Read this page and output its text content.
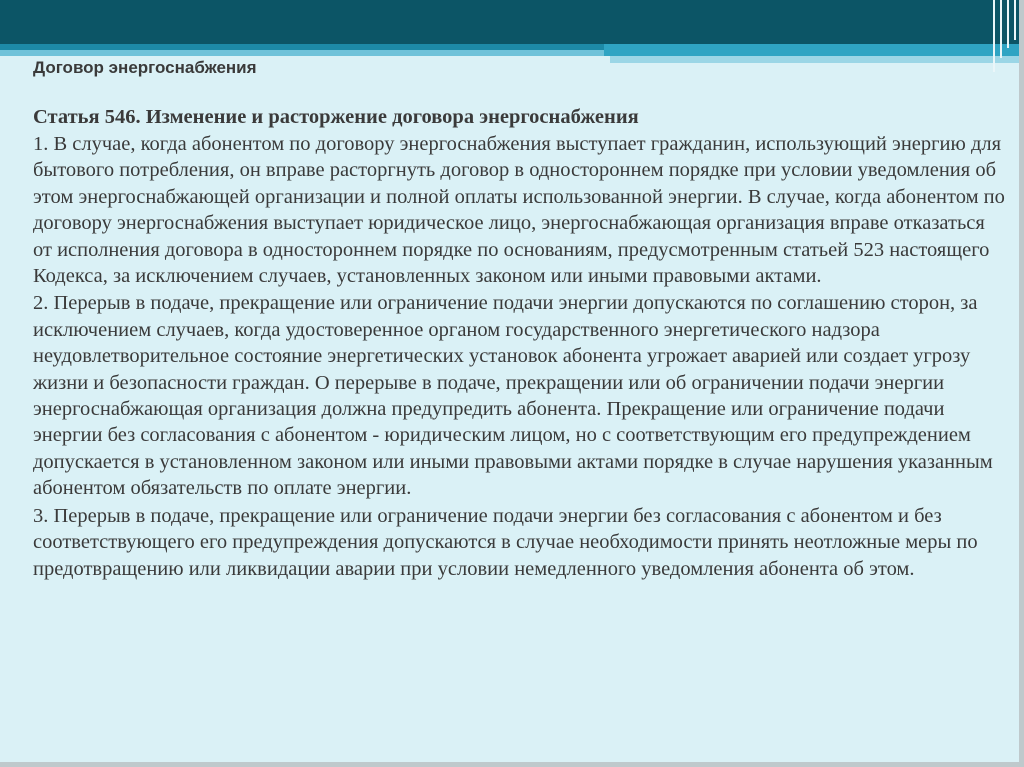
Договор энергоснабжения
Статья 546. Изменение и расторжение договора энергоснабжения
1. В случае, когда абонентом по договору энергоснабжения выступает гражданин, использующий энергию для бытового потребления, он вправе расторгнуть договор в одностороннем порядке при условии уведомления об этом энергоснабжающей организации и полной оплаты использованной энергии. В случае, когда абонентом по договору энергоснабжения выступает юридическое лицо, энергоснабжающая организация вправе отказаться от исполнения договора в одностороннем порядке по основаниям, предусмотренным статьей 523 настоящего Кодекса, за исключением случаев, установленных законом или иными правовыми актами.
2. Перерыв в подаче, прекращение или ограничение подачи энергии допускаются по соглашению сторон, за исключением случаев, когда удостоверенное органом государственного энергетического надзора неудовлетворительное состояние энергетических установок абонента угрожает аварией или создает угрозу жизни и безопасности граждан. О перерыве в подаче, прекращении или об ограничении подачи энергии энергоснабжающая организация должна предупредить абонента. Прекращение или ограничение подачи энергии без согласования с абонентом - юридическим лицом, но с соответствующим его предупреждением допускается в установленном законом или иными правовыми актами порядке в случае нарушения указанным абонентом обязательств по оплате энергии.
3. Перерыв в подаче, прекращение или ограничение подачи энергии без согласования с абонентом и без соответствующего его предупреждения допускаются в случае необходимости принять неотложные меры по предотвращению или ликвидации аварии при условии немедленного уведомления абонента об этом.
